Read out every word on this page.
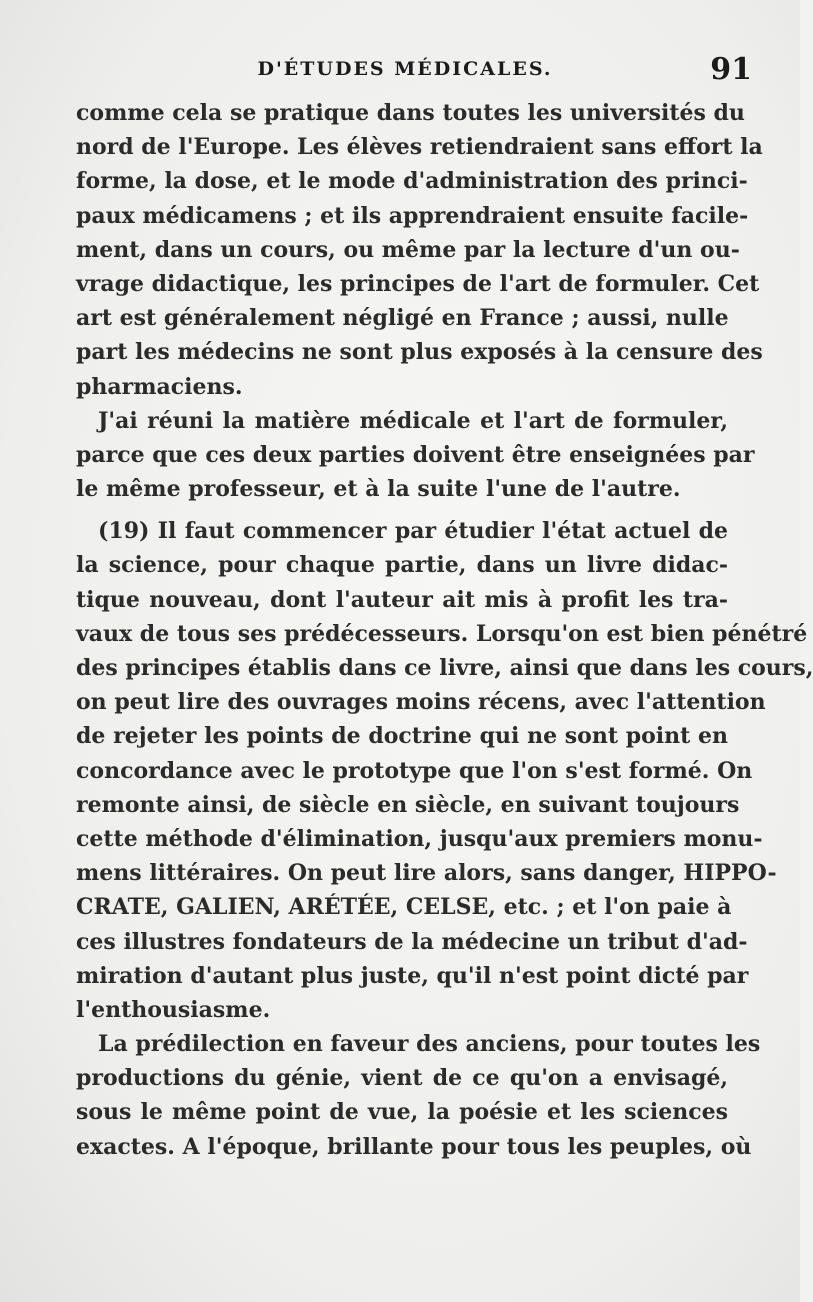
D'ÉTUDES MÉDICALES.	91
comme cela se pratique dans toutes les universités du
nord de l'Europe. Les élèves retiendraient sans effort la
forme, la dose, et le mode d'administration des princi-
paux médicamens ; et ils apprendraient ensuite facile-
ment, dans un cours, ou même par la lecture d'un ou-
vrage didactique, les principes de l'art de formuler. Cet
art est généralement négligé en France ; aussi, nulle
part les médecins ne sont plus exposés à la censure des
pharmaciens.
J'ai réuni la matière médicale et l'art de formuler,
parce que ces deux parties doivent être enseignées par
le même professeur, et à la suite l'une de l'autre.
(19) Il faut commencer par étudier l'état actuel de
la science, pour chaque partie, dans un livre didac-
tique nouveau, dont l'auteur ait mis à profit les tra-
vaux de tous ses prédécesseurs. Lorsqu'on est bien pénétré
des principes établis dans ce livre, ainsi que dans les cours,
on peut lire des ouvrages moins récens, avec l'attention
de rejeter les points de doctrine qui ne sont point en
concordance avec le prototype que l'on s'est formé. On
remonte ainsi, de siècle en siècle, en suivant toujours
cette méthode d'élimination, jusqu'aux premiers monu-
mens littéraires. On peut lire alors, sans danger, HIPPO-
CRATE, GALIEN, ARÉTÉE, CELSE, etc. ; et l'on paie à
ces illustres fondateurs de la médecine un tribut d'ad-
miration d'autant plus juste, qu'il n'est point dicté par
l'enthousiasme.
La prédilection en faveur des anciens, pour toutes les
productions du génie, vient de ce qu'on a envisagé,
sous le même point de vue, la poésie et les sciences
exactes. A l'époque, brillante pour tous les peuples, où
